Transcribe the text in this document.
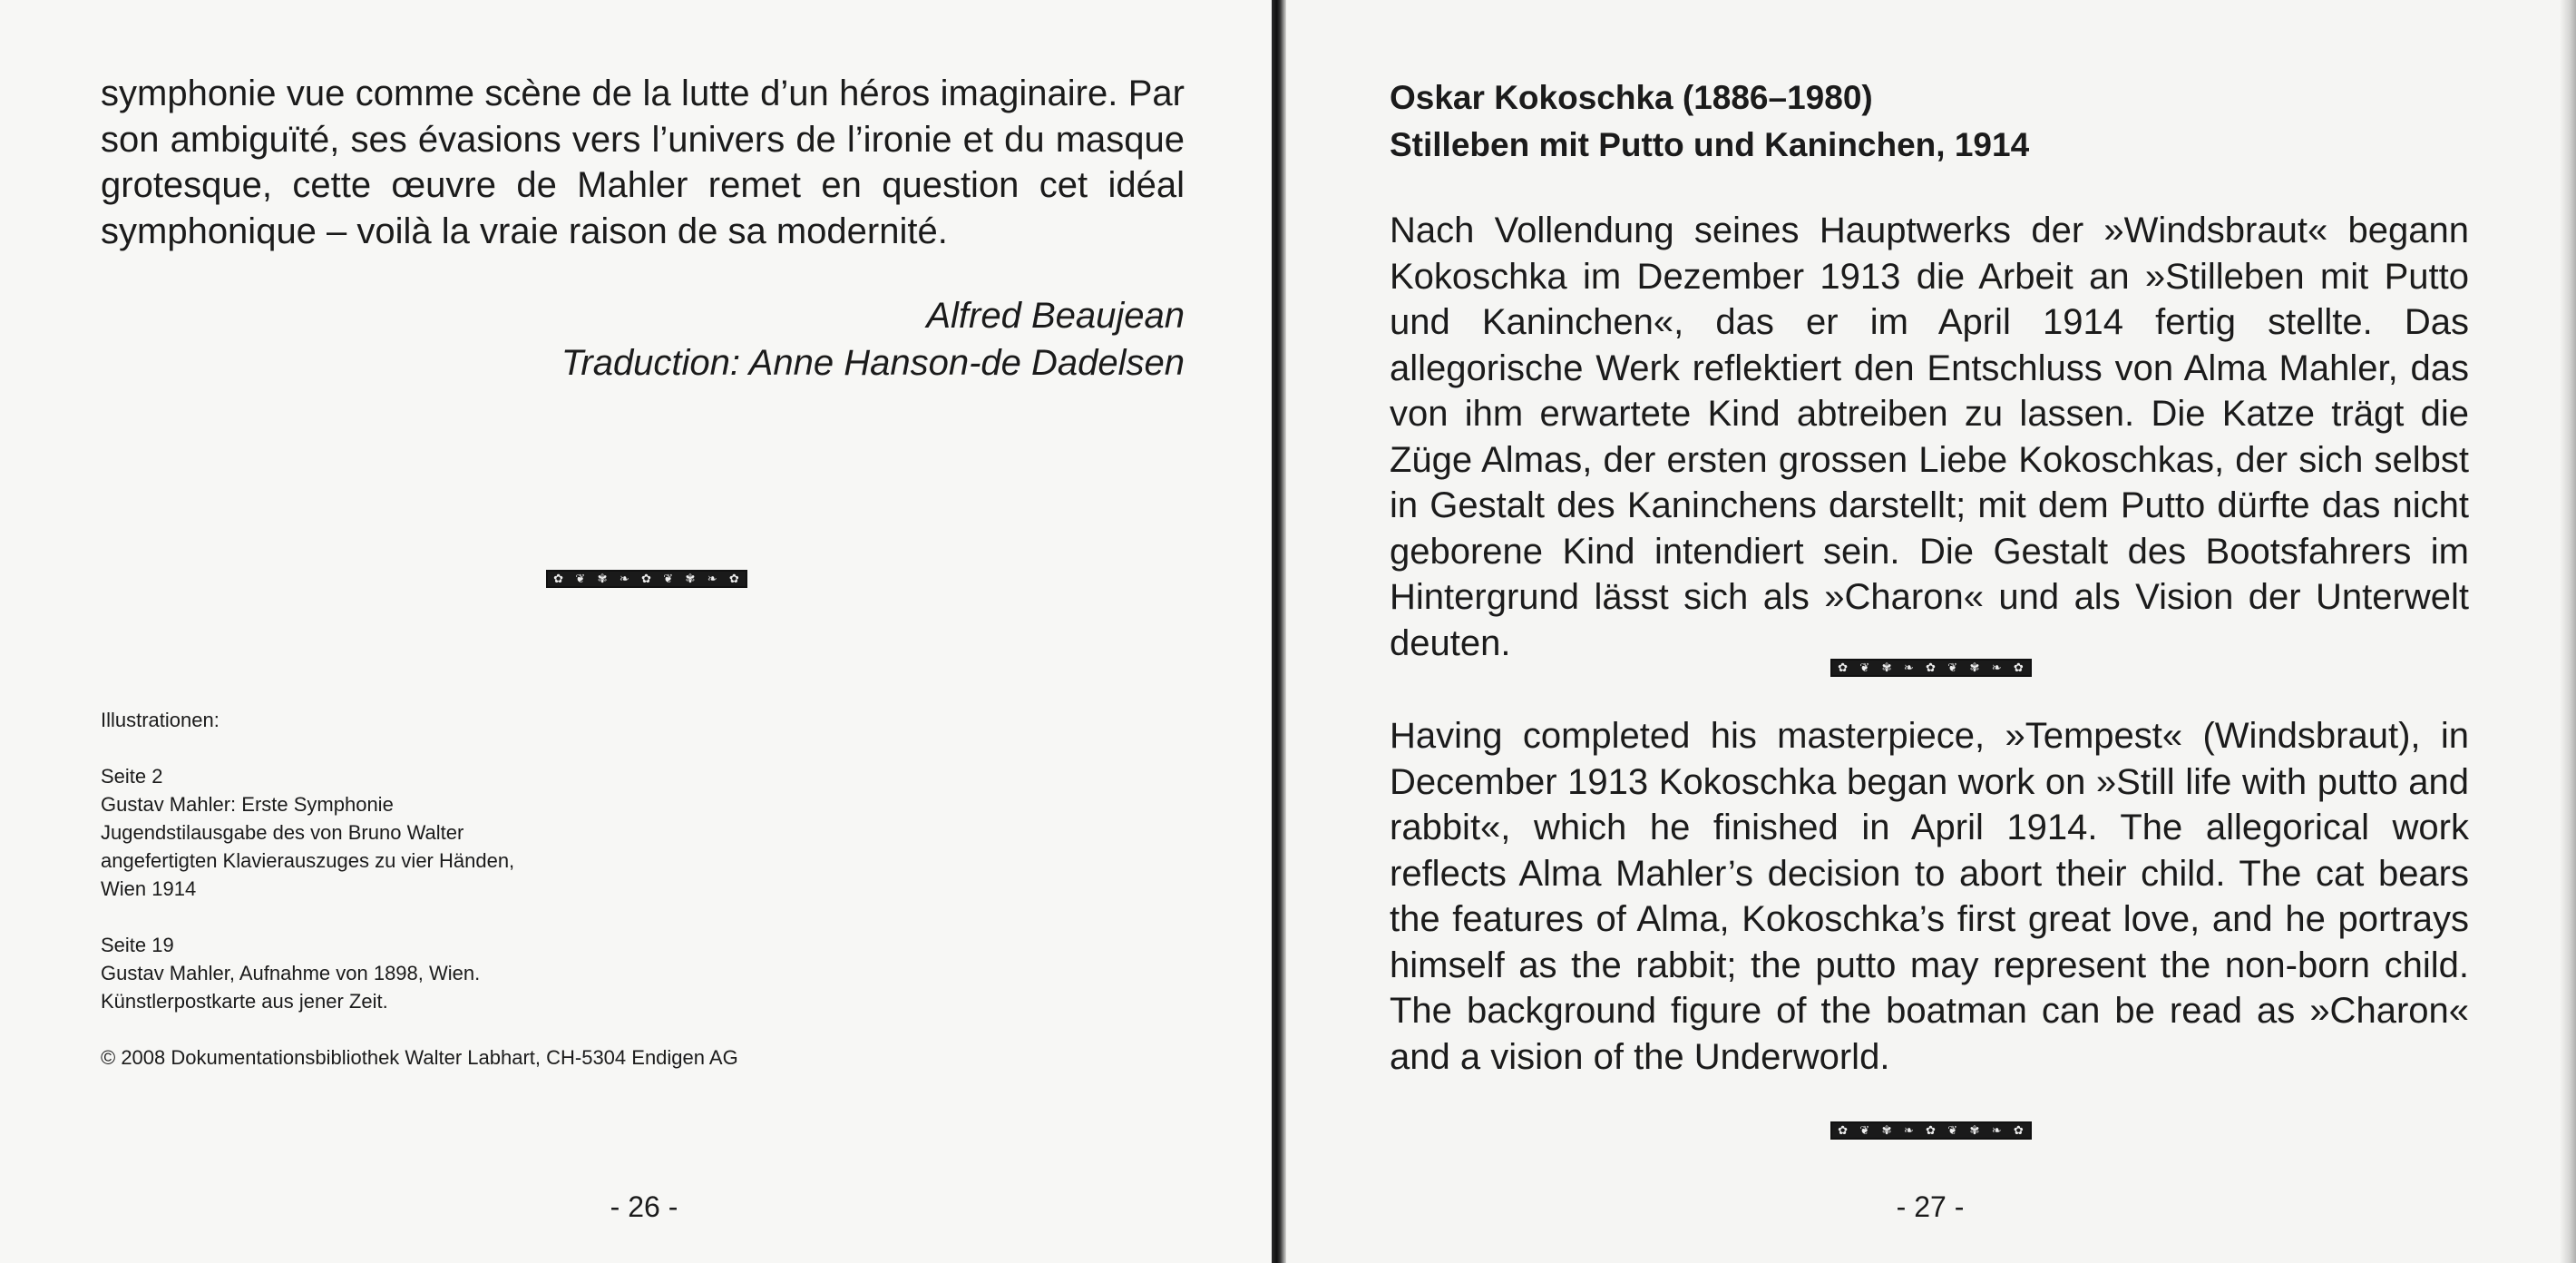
symphonie vue comme scène de la lutte d’un héros imaginaire. Par son ambiguïté, ses évasions vers l’univers de l’ironie et du masque grotesque, cette œuvre de Mahler remet en question cet idéal symphonique – voilà la vraie raison de sa modernité.

Alfred Beaujean
Traduction: Anne Hanson-de Dadelsen
✿ ❦ ✾ ❧ ✿ ❦ ✾ ❧ ✿

Illustrationen:

Seite 2

Gustav Mahler: Erste Symphonie

Jugendstilausgabe des von Bruno Walter

angefertigten Klavierauszuges zu vier Händen,

Wien 1914

Seite 19

Gustav Mahler, Aufnahme von 1898, Wien.

Künstlerpostkarte aus jener Zeit.

© 2008 Dokumentationsbibliothek Walter Labhart, CH-5304 Endigen AG

- 26 -
Oskar Kokoschka (1886–1980)
Stilleben mit Putto und Kaninchen, 1914

Nach Vollendung seines Hauptwerks der »Windsbraut« begann Kokoschka im Dezember 1913 die Arbeit an »Stilleben mit Putto und Kaninchen«, das er im April 1914 fertig stellte. Das allegorische Werk reflektiert den Entschluss von Alma Mahler, das von ihm erwartete Kind abtreiben zu lassen. Die Katze trägt die Züge Almas, der ersten grossen Liebe Kokoschkas, der sich selbst in Gestalt des Kaninchens darstellt; mit dem Putto dürfte das nicht geborene Kind intendiert sein. Die Gestalt des Bootsfahrers im Hintergrund lässt sich als »Charon« und als Vision der Unterwelt deuten.

✿ ❦ ✾ ❧ ✿ ❦ ✾ ❧ ✿

Having completed his masterpiece, »Tempest« (Windsbraut), in December 1913 Kokoschka began work on »Still life with putto and rabbit«, which he finished in April 1914. The allegorical work reflects Alma Mahler’s decision to abort their child. The cat bears the features of Alma, Kokoschka’s first great love, and he portrays himself as the rabbit; the putto may represent the non-born child. The background figure of the boatman can be read as »Charon« and a vision of the Underworld.

✿ ❦ ✾ ❧ ✿ ❦ ✾ ❧ ✿
- 27 -
